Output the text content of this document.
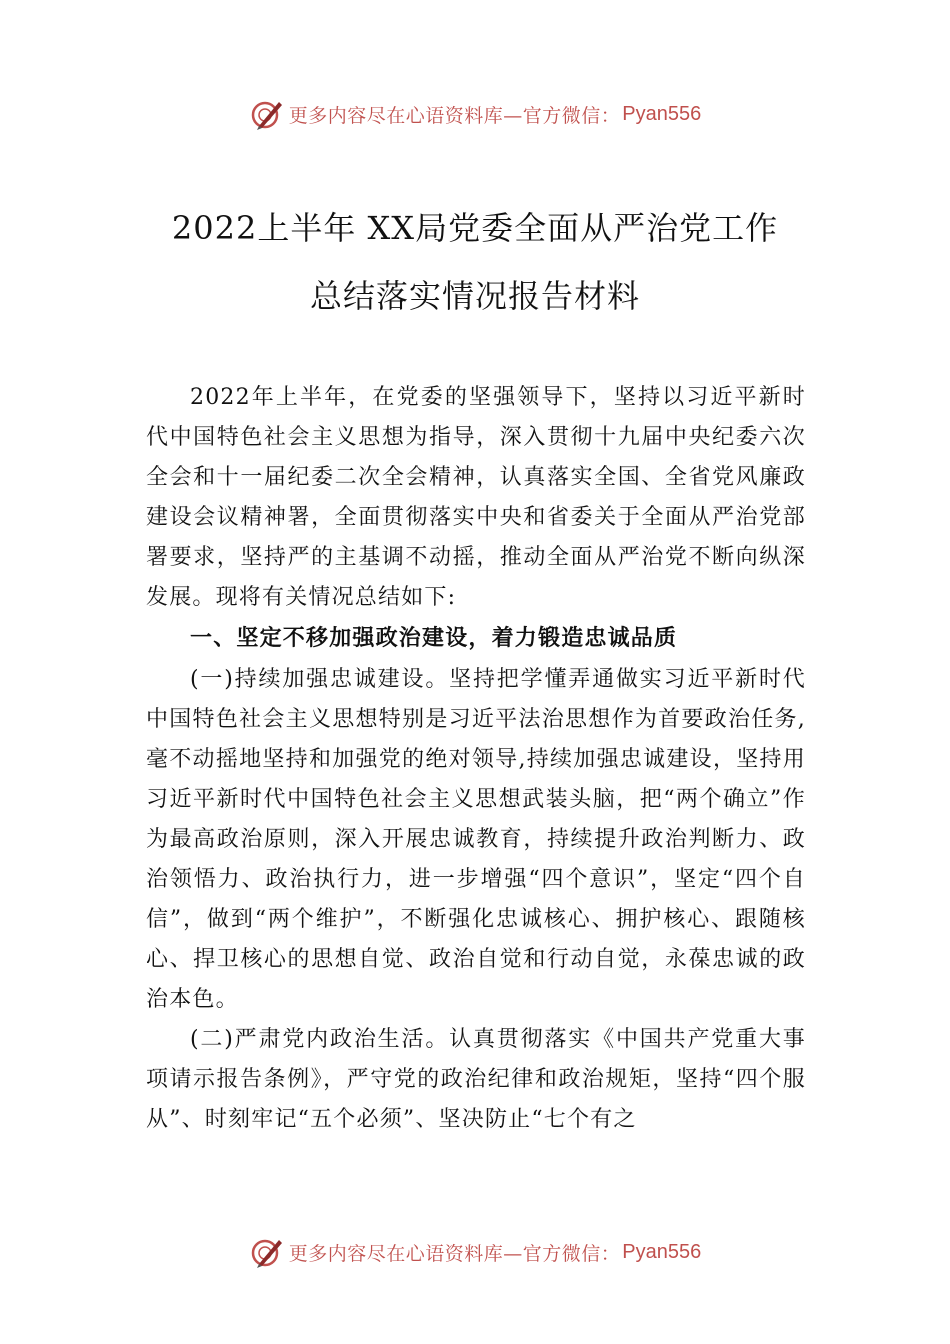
更多内容尽在心语资料库—官方微信： Pyan556
2022上半年 XX局党委全面从严治党工作
总结落实情况报告材料

2022年上半年，在党委的坚强领导下，坚持以习近平新时代中国特色社会主义思想为指导，深入贯彻十九届中央纪委六次全会和十一届纪委二次全会精神，认真落实全国、全省党风廉政建设会议精神署，全面贯彻落实中央和省委关于全面从严治党部署要求，坚持严的主基调不动摇，推动全面从严治党不断向纵深发展。现将有关情况总结如下:

一、坚定不移加强政治建设，着力锻造忠诚品质

(一)持续加强忠诚建设。坚持把学懂弄通做实习近平新时代中国特色社会主义思想特别是习近平法治思想作为首要政治任务,毫不动摇地坚持和加强党的绝对领导,持续加强忠诚建设，坚持用习近平新时代中国特色社会主义思想武装头脑，把“两个确立”作为最高政治原则，深入开展忠诚教育，持续提升政治判断力、政治领悟力、政治执行力，进一步增强“四个意识”，坚定“四个自信”，做到“两个维护”，不断强化忠诚核心、拥护核心、跟随核心、捍卫核心的思想自觉、政治自觉和行动自觉，永葆忠诚的政治本色。

(二)严肃党内政治生活。认真贯彻落实《中国共产党重大事项请示报告条例》，严守党的政治纪律和政治规矩，坚持“四个服从”、时刻牢记“五个必须”、坚决防止“七个有之

更多内容尽在心语资料库—官方微信： Pyan556
